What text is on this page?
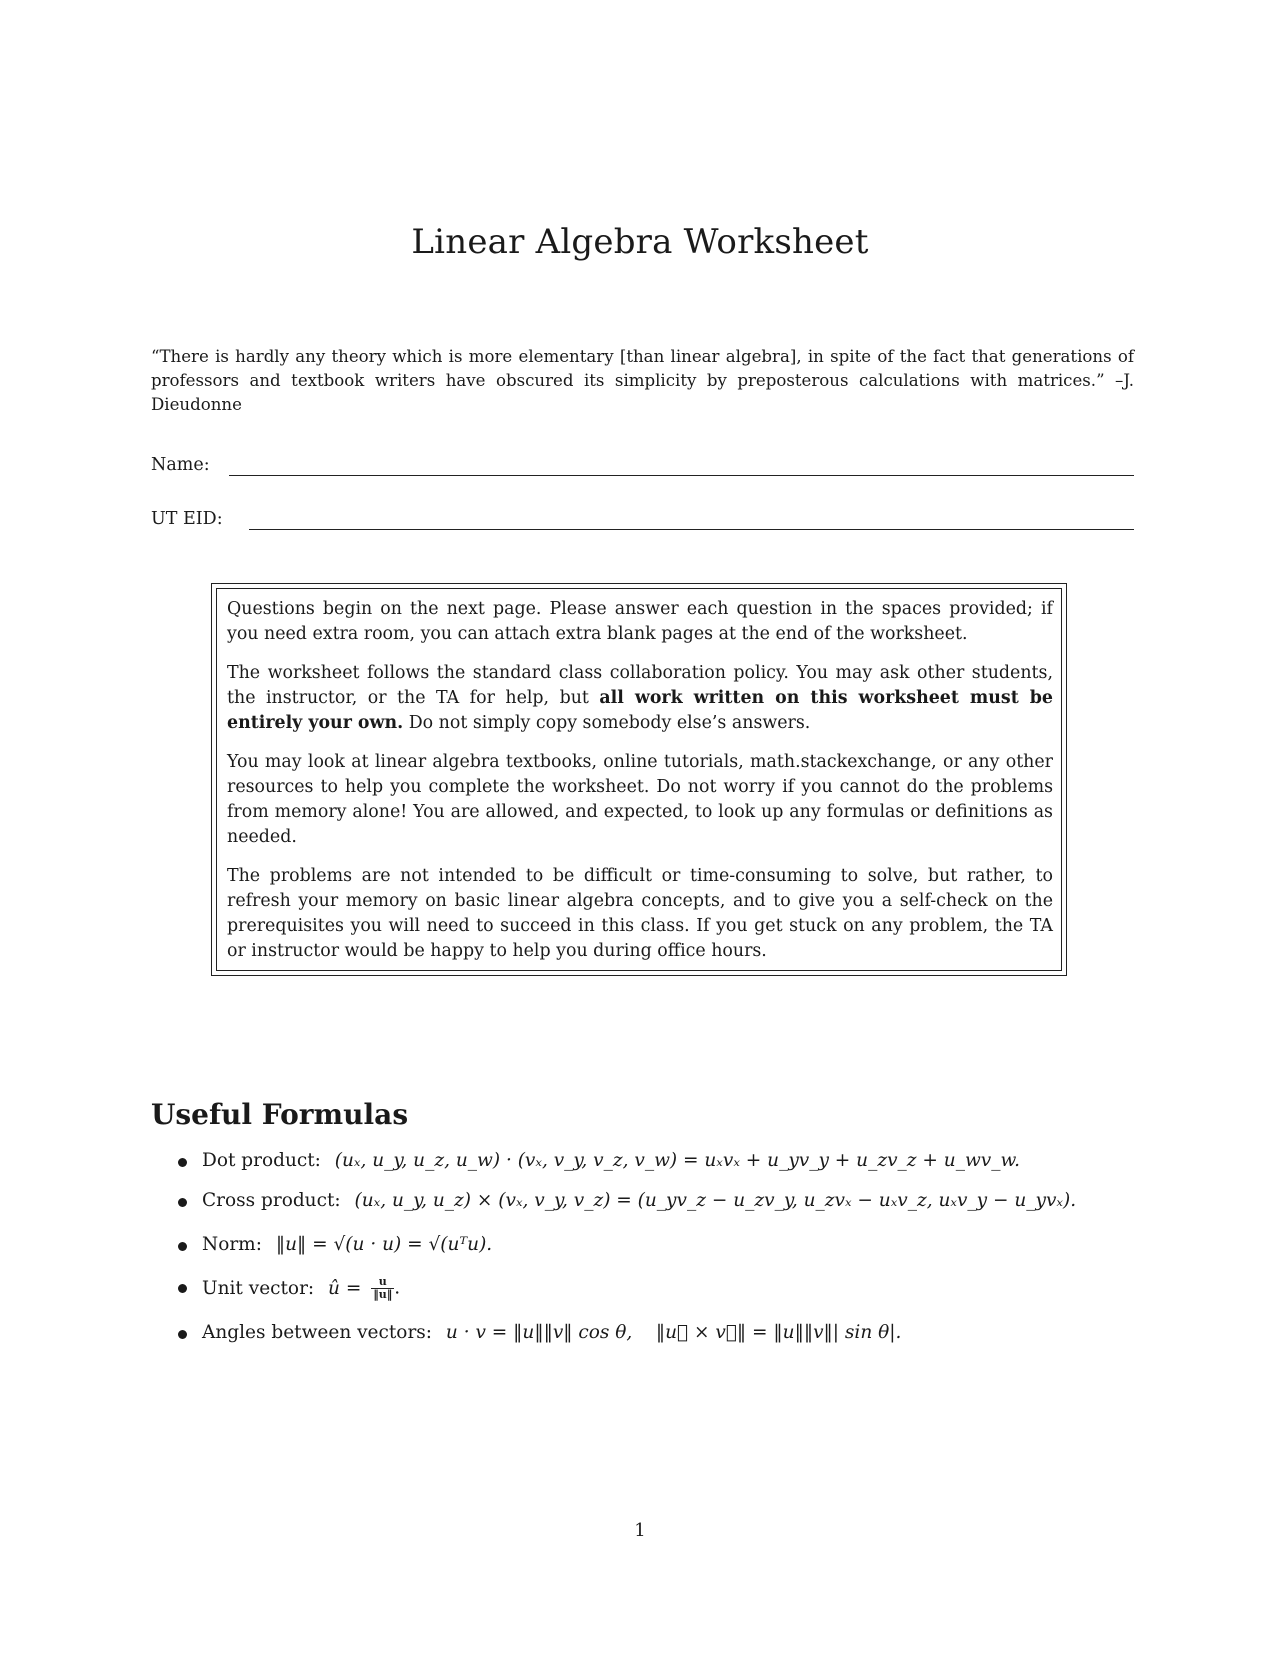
Linear Algebra Worksheet
“There is hardly any theory which is more elementary [than linear algebra], in spite of the fact that generations of professors and textbook writers have obscured its simplicity by preposterous calculations with matrices.” –J. Dieudonne
Name:
UT EID:

Questions begin on the next page. Please answer each question in the spaces provided; if you need extra room, you can attach extra blank pages at the end of the worksheet.

The worksheet follows the standard class collaboration policy. You may ask other students, the instructor, or the TA for help, but all work written on this worksheet must be entirely your own. Do not simply copy somebody else’s answers.

You may look at linear algebra textbooks, online tutorials, math.stackexchange, or any other resources to help you complete the worksheet. Do not worry if you cannot do the problems from memory alone! You are allowed, and expected, to look up any formulas or definitions as needed.

The problems are not intended to be difficult or time-consuming to solve, but rather, to refresh your memory on basic linear algebra concepts, and to give you a self-check on the prerequisites you will need to succeed in this class. If you get stuck on any problem, the TA or instructor would be happy to help you during office hours.

Useful Formulas
Dot product: (uₓ, u_y, u_z, u_w) · (vₓ, v_y, v_z, v_w) = uₓvₓ + u_yv_y + u_zv_z + u_wv_w.
Cross product: (uₓ, u_y, u_z) × (vₓ, v_y, v_z) = (u_yv_z − u_zv_y, u_zvₓ − uₓv_z, uₓv_y − u_yvₓ).
Norm: ‖u‖ = √(u · u) = √(uᵀu).
Unit vector: û = $\frac{u}{‖u‖}$ .
Angles between vectors: u · v = ‖u‖‖v‖ cos θ,    ‖u⃗ × v⃗‖ = ‖u‖‖v‖| sin θ|.
1
